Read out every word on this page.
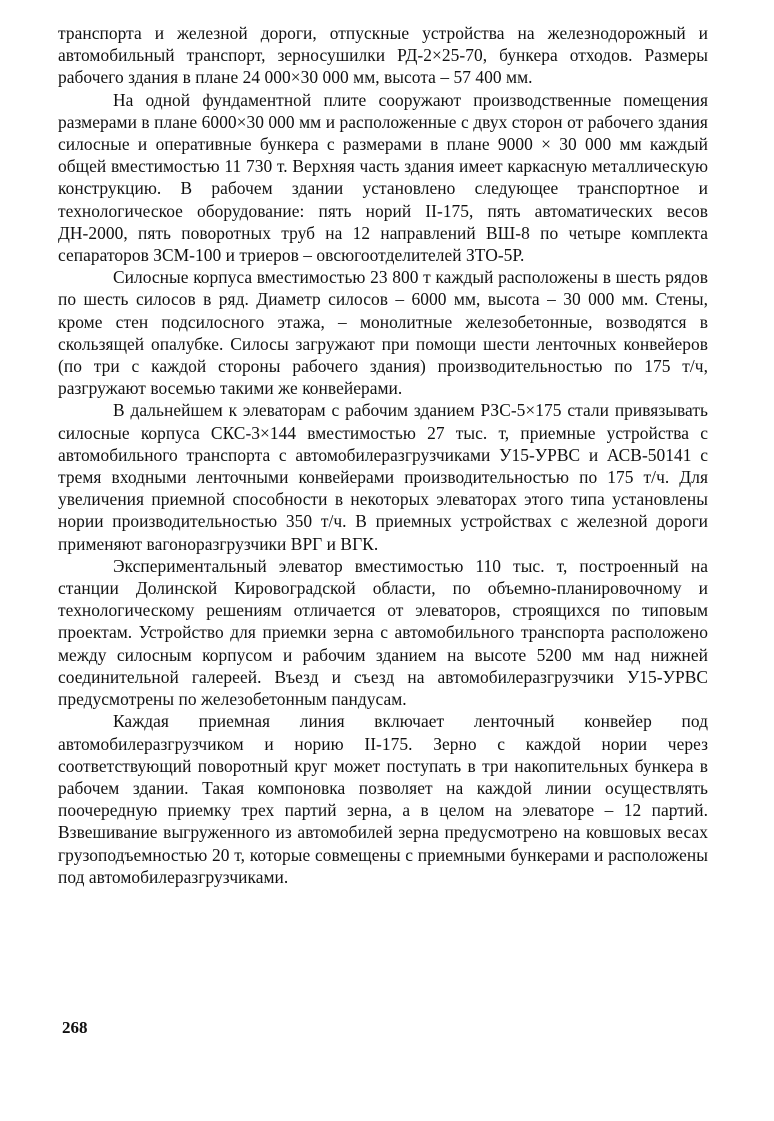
транспорта и железной дороги, отпускные устройства на железнодорожный и автомобильный транспорт, зерносушилки РД-2×25-70, бункера отходов. Размеры рабочего здания в плане 24 000×30 000 мм, высота – 57 400 мм.

На одной фундаментной плите сооружают производственные помещения размерами в плане 6000×30 000 мм и расположенные с двух сторон от рабочего здания силосные и оперативные бункера с размерами в плане 9000 × 30 000 мм каждый общей вместимостью 11 730 т. Верхняя часть здания имеет каркасную металлическую конструкцию. В рабочем здании установлено следующее транспортное и технологическое оборудование: пять норий II-175, пять автоматических весов ДН-2000, пять поворотных труб на 12 направлений ВШ-8 по четыре комплекта сепараторов ЗСМ-100 и триеров – овсюгоотделителей ЗТО-5Р.

Силосные корпуса вместимостью 23 800 т каждый расположены в шесть рядов по шесть силосов в ряд. Диаметр силосов – 6000 мм, высота – 30 000 мм. Стены, кроме стен подсилосного этажа, – монолитные железобетонные, возводятся в скользящей опалубке. Силосы загружают при помощи шести ленточных конвейеров (по три с каждой стороны рабочего здания) производительностью по 175 т/ч, разгружают восемью такими же конвейерами.

В дальнейшем к элеваторам с рабочим зданием РЗС-5×175 стали привязывать силосные корпуса СКС-3×144 вместимостью 27 тыс. т, приемные устройства с автомобильного транспорта с автомобилеразгрузчиками У15-УРВС и АСВ-50141 с тремя входными ленточными конвейерами производительностью по 175 т/ч. Для увеличения приемной способности в некоторых элеваторах этого типа установлены нории производительностью 350 т/ч. В приемных устройствах с железной дороги применяют вагоноразгрузчики ВРГ и ВГК.

Экспериментальный элеватор вместимостью 110 тыс. т, построенный на станции Долинской Кировоградской области, по объемно-планировочному и технологическому решениям отличается от элеваторов, строящихся по типовым проектам. Устройство для приемки зерна с автомобильного транспорта расположено между силосным корпусом и рабочим зданием на высоте 5200 мм над нижней соединительной галереей. Въезд и съезд на автомобилеразгрузчики У15-УРВС предусмотрены по железобетонным пандусам.

Каждая приемная линия включает ленточный конвейер под автомобилеразгрузчиком и норию II-175. Зерно с каждой нории через соответствующий поворотный круг может поступать в три накопительных бункера в рабочем здании. Такая компоновка позволяет на каждой линии осуществлять поочередную приемку трех партий зерна, а в целом на элеваторе – 12 партий. Взвешивание выгруженного из автомобилей зерна предусмотрено на ковшовых весах грузоподъемностью 20 т, которые совмещены с приемными бункерами и расположены под автомобилеразгрузчиками.

268
